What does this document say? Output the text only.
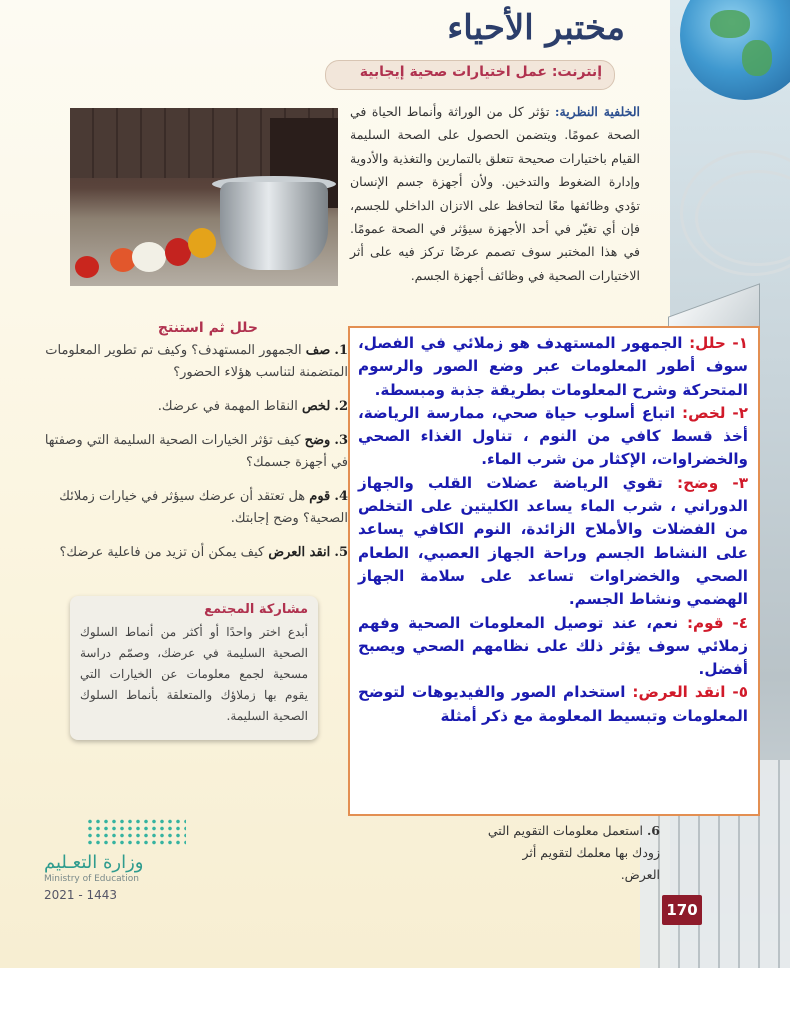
مختبر الأحياء
إنترنت: عمل اختيارات صحية إيجابية
الخلفية النظرية: تؤثر كل من الوراثة وأنماط الحياة في الصحة عمومًا. ويتضمن الحصول على الصحة السليمة القيام باختيارات صحيحة تتعلق بالتمارين والتغذية والأدوية وإدارة الضغوط والتدخين. ولأن أجهزة جسم الإنسان تؤدي وظائفها معًا لتحافظ على الاتزان الداخلي للجسم، فإن أي تغيّر في أحد الأجهزة سيؤثر في الصحة عمومًا. في هذا المختبر سوف تصمم عرضًا تركز فيه على أثر الاختيارات الصحية في وظائف أجهزة الجسم.
حلل ثم استنتج
1. صف الجمهور المستهدف؟ وكيف تم تطوير المعلومات المتضمنة لتناسب هؤلاء الحضور؟
2. لخص النقاط المهمة في عرضك.
3. وضح كيف تؤثر الخيارات الصحية السليمة التي وصفتها في أجهزة جسمك؟
4. قوم هل تعتقد أن عرضك سيؤثر في خيارات زملائك الصحية؟ وضح إجابتك.
5. انقد العرض كيف يمكن أن تزيد من فاعلية عرضك؟
مشاركة المجتمع
أبدع اختر واحدًا أو أكثر من أنماط السلوك الصحية السليمة في عرضك، وصمّم دراسة مسحية لجمع معلومات عن الخيارات التي يقوم بها زملاؤك والمتعلقة بأنماط السلوك الصحية السليمة.
١- حلل: الجمهور المستهدف هو زملائي في الفصل، سوف أطور المعلومات عبر وضع الصور والرسوم المتحركة وشرح المعلومات بطريقة جذبة ومبسطة.
٢- لخص: اتباع أسلوب حياة صحي، ممارسة الرياضة، أخذ قسط كافي من النوم ، تناول الغذاء الصحي والخضراوات، الإكثار من شرب الماء.
٣- وضح: تقوي الرياضة عضلات القلب والجهاز الدوراني ، شرب الماء يساعد الكليتين على التخلص من الفضلات والأملاح الزائدة، النوم الكافي يساعد على النشاط الجسم وراحة الجهاز العصبي، الطعام الصحي والخضراوات تساعد على سلامة الجهاز الهضمي ونشاط الجسم.
٤- قوم: نعم، عند توصيل المعلومات الصحية وفهم زملائي سوف يؤثر ذلك على نظامهم الصحي ويصبح أفضل.
٥- انقد العرض: استخدام الصور والفيديوهات لتوضح المعلومات وتبسيط المعلومة مع ذكر أمثلة
6. استعمل معلومات التقويم التي زودك بها معلمك لتقويم أثر العرض.
وزارة التعـليم
Ministry of Education
2021 - 1443
170
